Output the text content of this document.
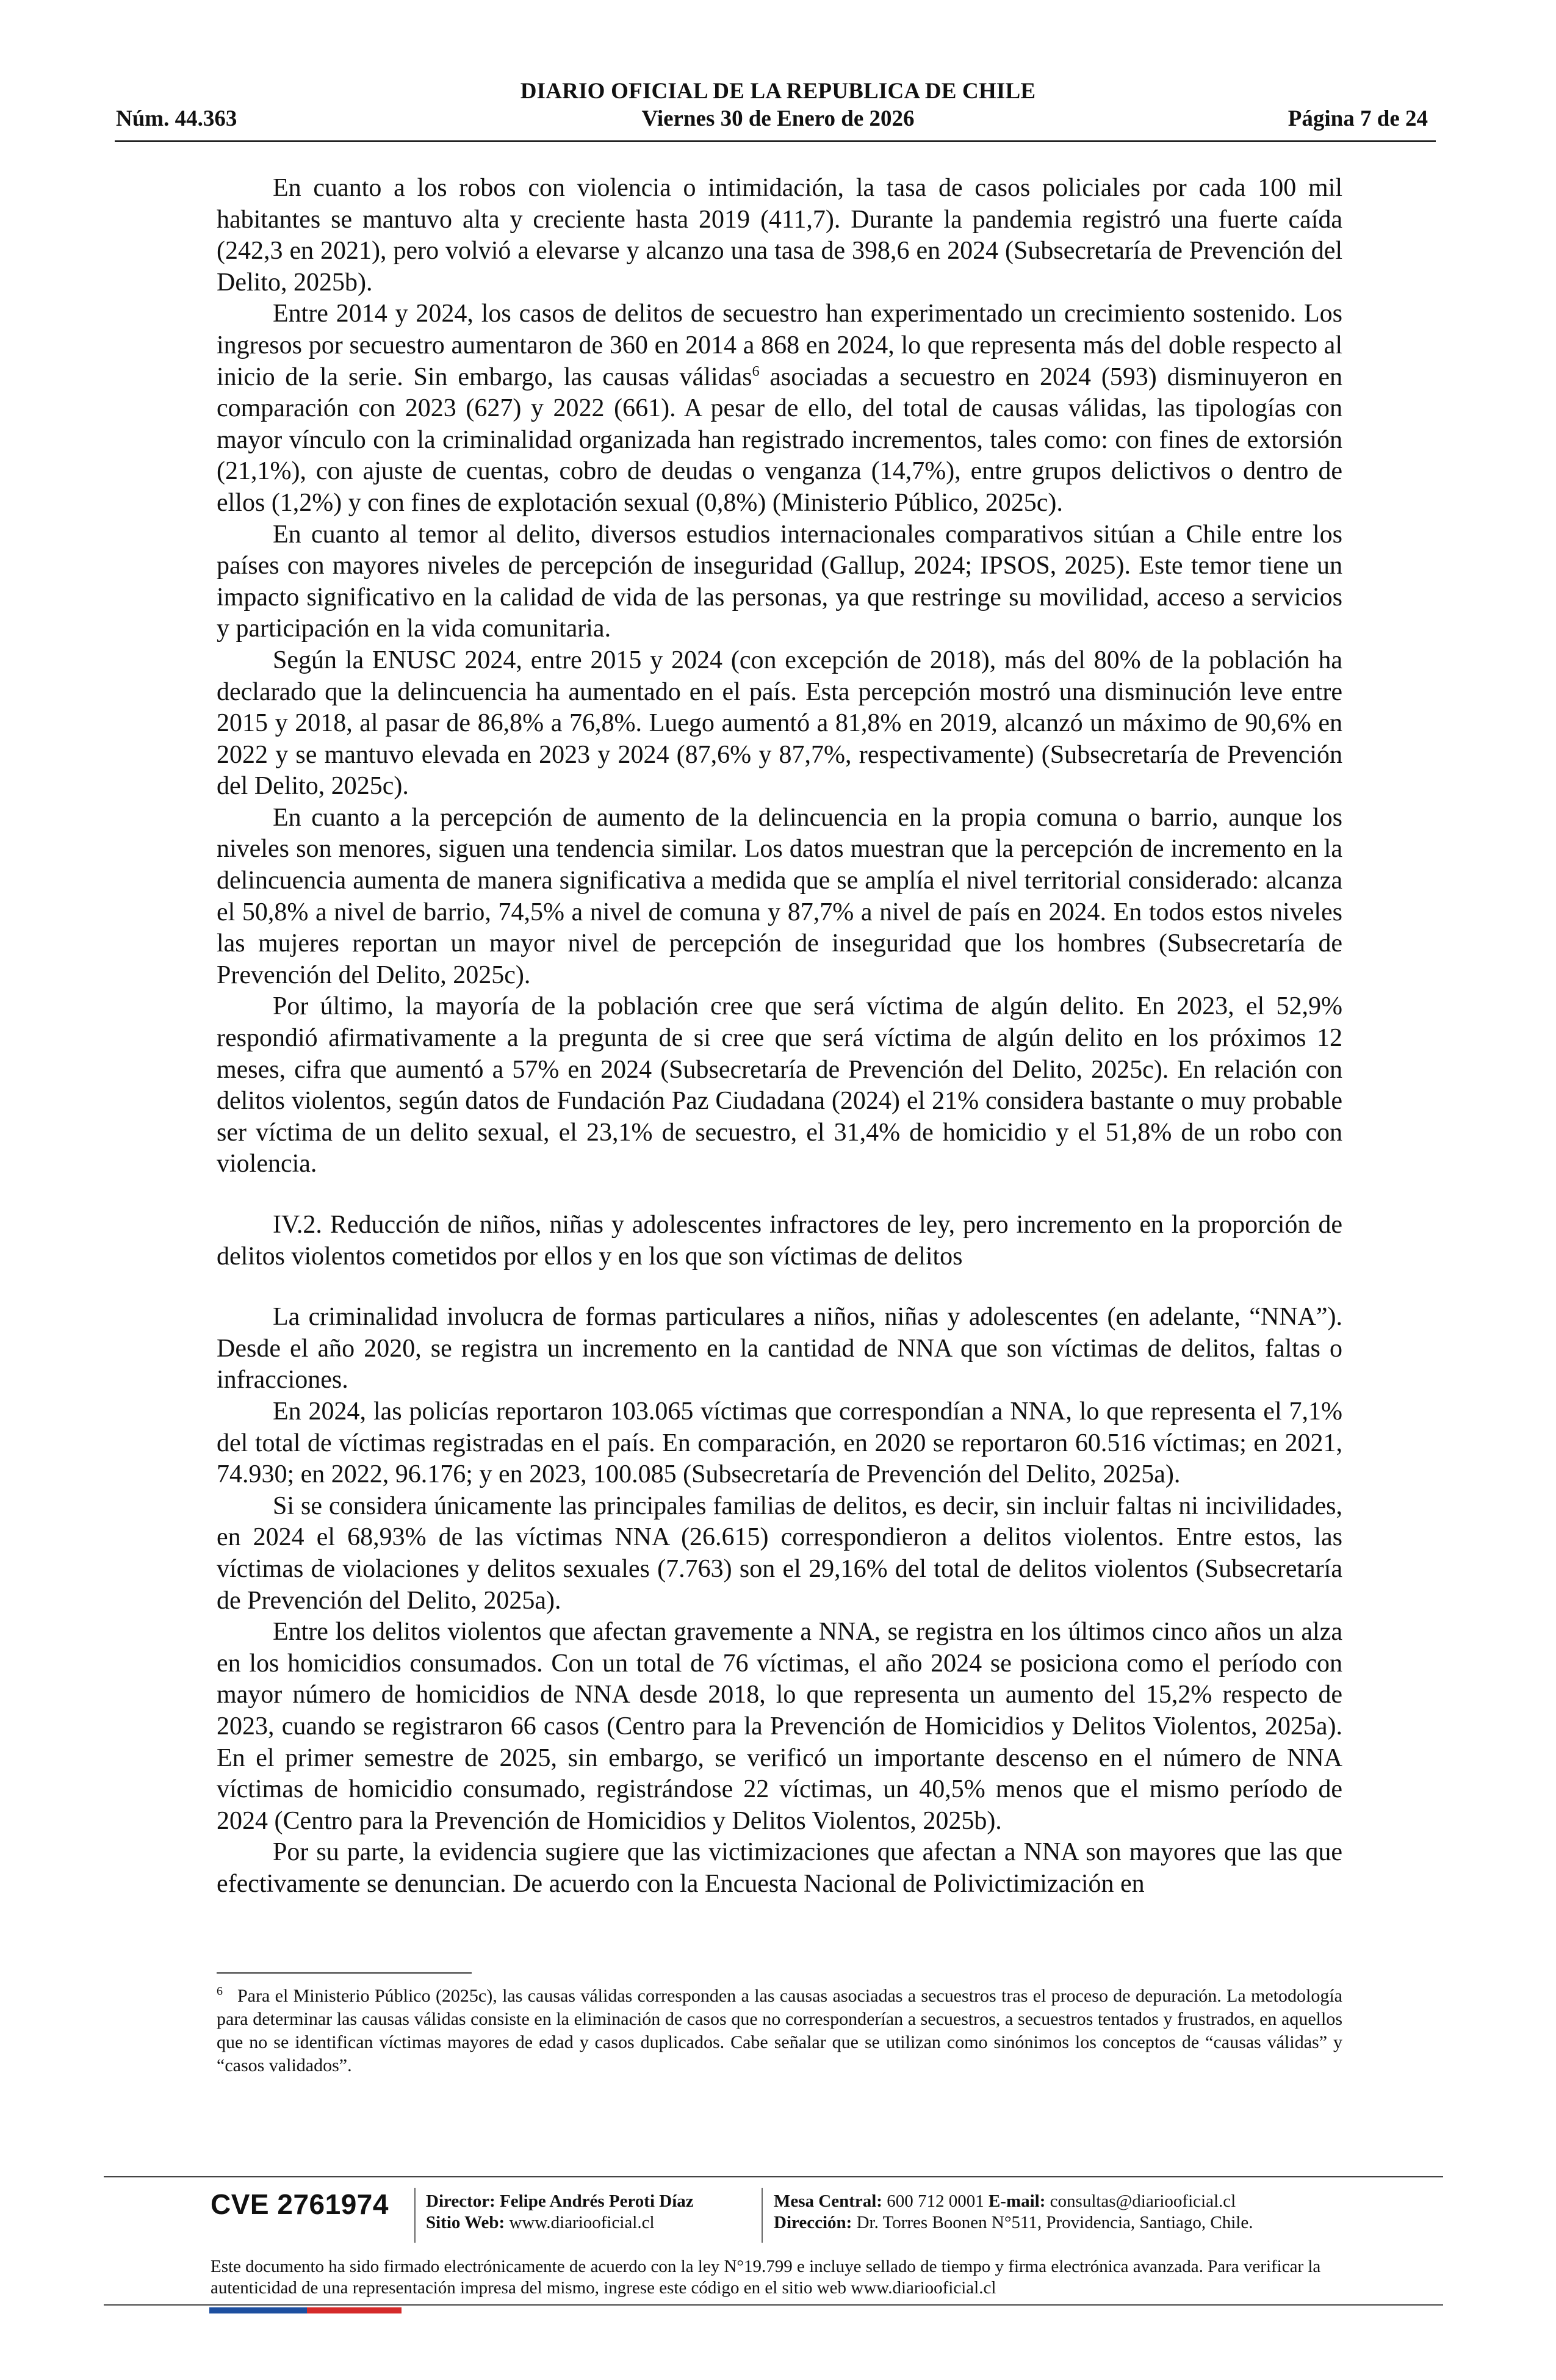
DIARIO OFICIAL DE LA REPUBLICA DE CHILE
Núm. 44.363	Viernes 30 de Enero de 2026	Página 7 de 24

En cuanto a los robos con violencia o intimidación, la tasa de casos policiales por cada 100 mil habitantes se mantuvo alta y creciente hasta 2019 (411,7). Durante la pandemia registró una fuerte caída (242,3 en 2021), pero volvió a elevarse y alcanzo una tasa de 398,6 en 2024 (Subsecretaría de Prevención del Delito, 2025b).

Entre 2014 y 2024, los casos de delitos de secuestro han experimentado un crecimiento sostenido. Los ingresos por secuestro aumentaron de 360 en 2014 a 868 en 2024, lo que representa más del doble respecto al inicio de la serie. Sin embargo, las causas válidas$^6$ asociadas a secuestro en 2024 (593) disminuyeron en comparación con 2023 (627) y 2022 (661). A pesar de ello, del total de causas válidas, las tipologías con mayor vínculo con la criminalidad organizada han registrado incrementos, tales como: con fines de extorsión (21,1%), con ajuste de cuentas, cobro de deudas o venganza (14,7%), entre grupos delictivos o dentro de ellos (1,2%) y con fines de explotación sexual (0,8%) (Ministerio Público, 2025c).

En cuanto al temor al delito, diversos estudios internacionales comparativos sitúan a Chile entre los países con mayores niveles de percepción de inseguridad (Gallup, 2024; IPSOS, 2025). Este temor tiene un impacto significativo en la calidad de vida de las personas, ya que restringe su movilidad, acceso a servicios y participación en la vida comunitaria.

Según la ENUSC 2024, entre 2015 y 2024 (con excepción de 2018), más del 80% de la población ha declarado que la delincuencia ha aumentado en el país. Esta percepción mostró una disminución leve entre 2015 y 2018, al pasar de 86,8% a 76,8%. Luego aumentó a 81,8% en 2019, alcanzó un máximo de 90,6% en 2022 y se mantuvo elevada en 2023 y 2024 (87,6% y 87,7%, respectivamente) (Subsecretaría de Prevención del Delito, 2025c).

En cuanto a la percepción de aumento de la delincuencia en la propia comuna o barrio, aunque los niveles son menores, siguen una tendencia similar. Los datos muestran que la percepción de incremento en la delincuencia aumenta de manera significativa a medida que se amplía el nivel territorial considerado: alcanza el 50,8% a nivel de barrio, 74,5% a nivel de comuna y 87,7% a nivel de país en 2024. En todos estos niveles las mujeres reportan un mayor nivel de percepción de inseguridad que los hombres (Subsecretaría de Prevención del Delito, 2025c).

Por último, la mayoría de la población cree que será víctima de algún delito. En 2023, el 52,9% respondió afirmativamente a la pregunta de si cree que será víctima de algún delito en los próximos 12 meses, cifra que aumentó a 57% en 2024 (Subsecretaría de Prevención del Delito, 2025c). En relación con delitos violentos, según datos de Fundación Paz Ciudadana (2024) el 21% considera bastante o muy probable ser víctima de un delito sexual, el 23,1% de secuestro, el 31,4% de homicidio y el 51,8% de un robo con violencia.

IV.2. Reducción de niños, niñas y adolescentes infractores de ley, pero incremento en la proporción de delitos violentos cometidos por ellos y en los que son víctimas de delitos

La criminalidad involucra de formas particulares a niños, niñas y adolescentes (en adelante, “NNA”). Desde el año 2020, se registra un incremento en la cantidad de NNA que son víctimas de delitos, faltas o infracciones.

En 2024, las policías reportaron 103.065 víctimas que correspondían a NNA, lo que representa el 7,1% del total de víctimas registradas en el país. En comparación, en 2020 se reportaron 60.516 víctimas; en 2021, 74.930; en 2022, 96.176; y en 2023, 100.085 (Subsecretaría de Prevención del Delito, 2025a).

Si se considera únicamente las principales familias de delitos, es decir, sin incluir faltas ni incivilidades, en 2024 el 68,93% de las víctimas NNA (26.615) correspondieron a delitos violentos. Entre estos, las víctimas de violaciones y delitos sexuales (7.763) son el 29,16% del total de delitos violentos (Subsecretaría de Prevención del Delito, 2025a).

Entre los delitos violentos que afectan gravemente a NNA, se registra en los últimos cinco años un alza en los homicidios consumados. Con un total de 76 víctimas, el año 2024 se posiciona como el período con mayor número de homicidios de NNA desde 2018, lo que representa un aumento del 15,2% respecto de 2023, cuando se registraron 66 casos (Centro para la Prevención de Homicidios y Delitos Violentos, 2025a). En el primer semestre de 2025, sin embargo, se verificó un importante descenso en el número de NNA víctimas de homicidio consumado, registrándose 22 víctimas, un 40,5% menos que el mismo período de 2024 (Centro para la Prevención de Homicidios y Delitos Violentos, 2025b).

Por su parte, la evidencia sugiere que las victimizaciones que afectan a NNA son mayores que las que efectivamente se denuncian. De acuerdo con la Encuesta Nacional de Polivictimización en

$^6$ Para el Ministerio Público (2025c), las causas válidas corresponden a las causas asociadas a secuestros tras el proceso de depuración. La metodología para determinar las causas válidas consiste en la eliminación de casos que no corresponderían a secuestros, a secuestros tentados y frustrados, en aquellos que no se identifican víctimas mayores de edad y casos duplicados. Cabe señalar que se utilizan como sinónimos los conceptos de “causas válidas” y “casos validados”.
CVE 2761974 Director: Felipe Andrés Peroti Díaz
Sitio Web: www.diariooficial.cl
Mesa Central: 600 712 0001 E-mail: consultas@diariooficial.cl
Dirección: Dr. Torres Boonen N°511, Providencia, Santiago, Chile.
Este documento ha sido firmado electrónicamente de acuerdo con la ley N°19.799 e incluye sellado de tiempo y firma electrónica avanzada. Para verificar la autenticidad de una representación impresa del mismo, ingrese este código en el sitio web www.diariooficial.cl
